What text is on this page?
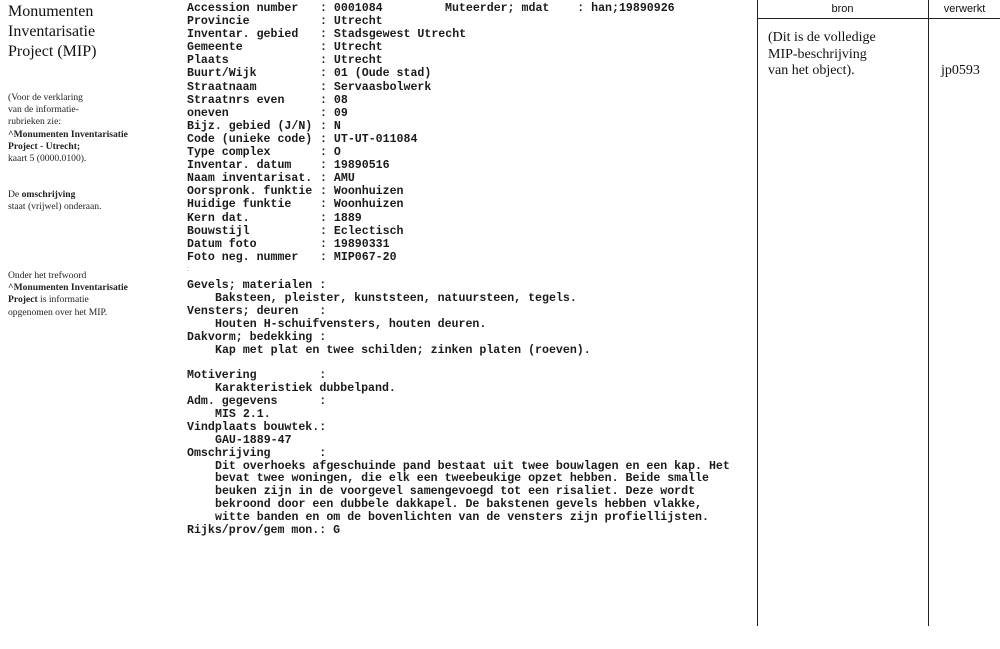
Monumenten
Inventarisatie
Project (MIP)
(Voor de verklaring
van de informatie-
rubrieken zie:
^Monumenten Inventarisatie
Project - Utrecht;
kaart 5 (0000.0100).
De omschrijving
staat (vrijwel) onderaan.
Onder het trefwoord
^Monumenten Inventarisatie
Project is informatie
opgenomen over het MIP.
Accession number : 0001084
Provincie	: Utrecht
Inventar. gebied : Stadsgewest Utrecht
Gemeente	: Utrecht
Plaats	: Utrecht
Buurt/Wijk	: 01 (Oude stad)
Straatnaam	: Servaasbolwerk
Straatnrs even	: 08
oneven	: 09
Bijz. gebied (J/N) : N
Code (unieke code) : UT-UT-011084
Type complex	: O
Inventar. datum : 19890516
Naam inventarisat. : AMU
Oorspronk. funktie : Woonhuizen
Huidige funktie : Woonhuizen
Kern dat.	: 1889
Bouwstijl	: Eclectisch
Datum foto	: 19890331
Foto neg. nummer : MIP067-20
Muteerder; mdat : han;19890926
:
Gevels; materialen :
Baksteen, pleister, kunststeen, natuursteen, tegels.
Vensters; deuren   :
Houten H-schuifvensters, houten deuren.
Dakvorm; bedekking :
Kap met plat en twee schilden; zinken platen (roeven).
Motivering         :
Karakteristiek dubbelpand.
Adm. gegevens      :
MIS 2.1.
Vindplaats bouwtek.:
GAU-1889-47
Omschrijving       :
Dit overhoeks afgeschuinde pand bestaat uit twee bouwlagen en een kap. Het
bevat twee woningen, die elk een tweebeukige opzet hebben. Beide smalle
beuken zijn in de voorgevel samengevoegd tot een risaliet. Deze wordt
bekroond door een dubbele dakkapel. De bakstenen gevels hebben vlakke,
witte banden en om de bovenlichten van de vensters zijn profiellijsten.
Rijks/prov/gem mon.: G
bron	verwerkt
(Dit is de volledige
MIP-beschrijving
van het object).	jp0593
